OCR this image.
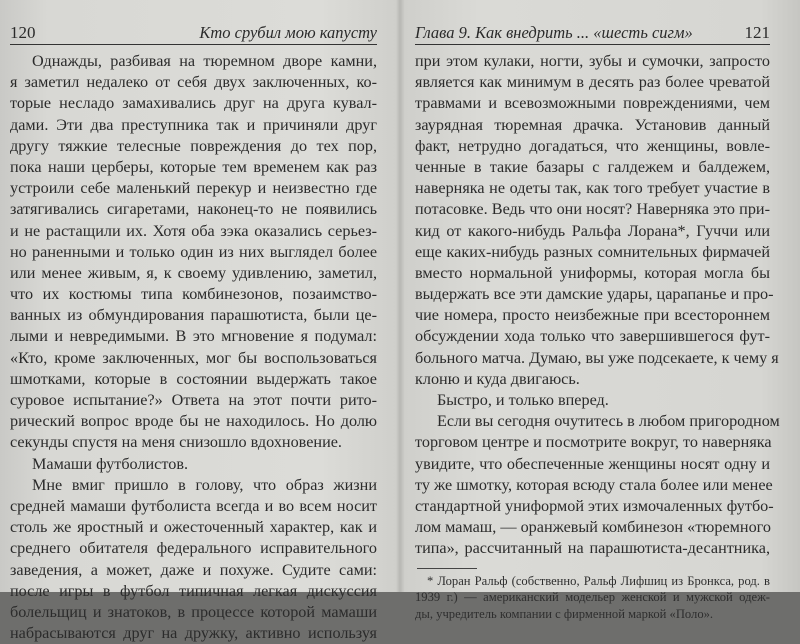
120	Кто срубил мою капусту
Однажды, разбивая на тюремном дворе камни,
я заметил недалеко от себя двух заключенных, ко-
торые несладо замахивались друг на друга кувал-
дами. Эти два преступника так и причиняли друг
другу тяжкие телесные повреждения до тех пор,
пока наши церберы, которые тем временем как раз
устроили себе маленький перекур и неизвестно где
затягивались сигаретами, наконец-то не появились
и не растащили их. Хотя оба зэка оказались серьез-
но раненными и только один из них выглядел более
или менее живым, я, к своему удивлению, заметил,
что их костюмы типа комбинезонов, позаимство-
ванных из обмундирования парашютиста, были це-
лыми и невредимыми. В это мгновение я подумал:
«Кто, кроме заключенных, мог бы воспользоваться
шмотками, которые в состоянии выдержать такое
суровое испытание?» Ответа на этот почти рито-
рический вопрос вроде бы не находилось. Но долю
секунды спустя на меня снизошло вдохновение.
Мамаши футболистов.
Мне вмиг пришло в голову, что образ жизни
средней мамаши футболиста всегда и во всем носит
столь же яростный и ожесточенный характер, как и
среднего обитателя федерального исправительного
заведения, а может, даже и похуже. Судите сами:
после игры в футбол типичная легкая дискуссия
болельщиц и знатоков, в процессе которой мамаши
набрасываются друг на дружку, активно используя
Глава 9. Как внедрить ... «шесть сигм»	121
при этом кулаки, ногти, зубы и сумочки, запросто
является как минимум в десять раз более чреватой
травмами и всевозможными повреждениями, чем
заурядная тюремная драчка. Установив данный
факт, нетрудно догадаться, что женщины, вовле-
ченные в такие базары с галдежем и балдежем,
наверняка не одеты так, как того требует участие в
потасовке. Ведь что они носят? Наверняка это при-
кид от какого-нибудь Ральфа Лорана*, Гуччи или
еще каких-нибудь разных сомнительных фирмачей
вместо нормальной униформы, которая могла бы
выдержать все эти дамские удары, царапанье и про-
чие номера, просто неизбежные при всестороннем
обсуждении хода только что завершившегося фут-
больного матча. Думаю, вы уже подсекаете, к чему я
клоню и куда двигаюсь.
Быстро, и только вперед.
Если вы сегодня очутитесь в любом пригородном
торговом центре и посмотрите вокруг, то наверняка
увидите, что обеспеченные женщины носят одну и
ту же шмотку, которая всюду стала более или менее
стандартной униформой этих измочаленных футбо-
лом мамаш, — оранжевый комбинезон «тюремного
типа», рассчитанный на парашютиста-десантника,
* Лоран Ральф (собственно, Ральф Лифшиц из Бронкса, род. в
1939 г.) — американский модельер женской и мужской одеж-
ды, учредитель компании с фирменной маркой «Поло».
